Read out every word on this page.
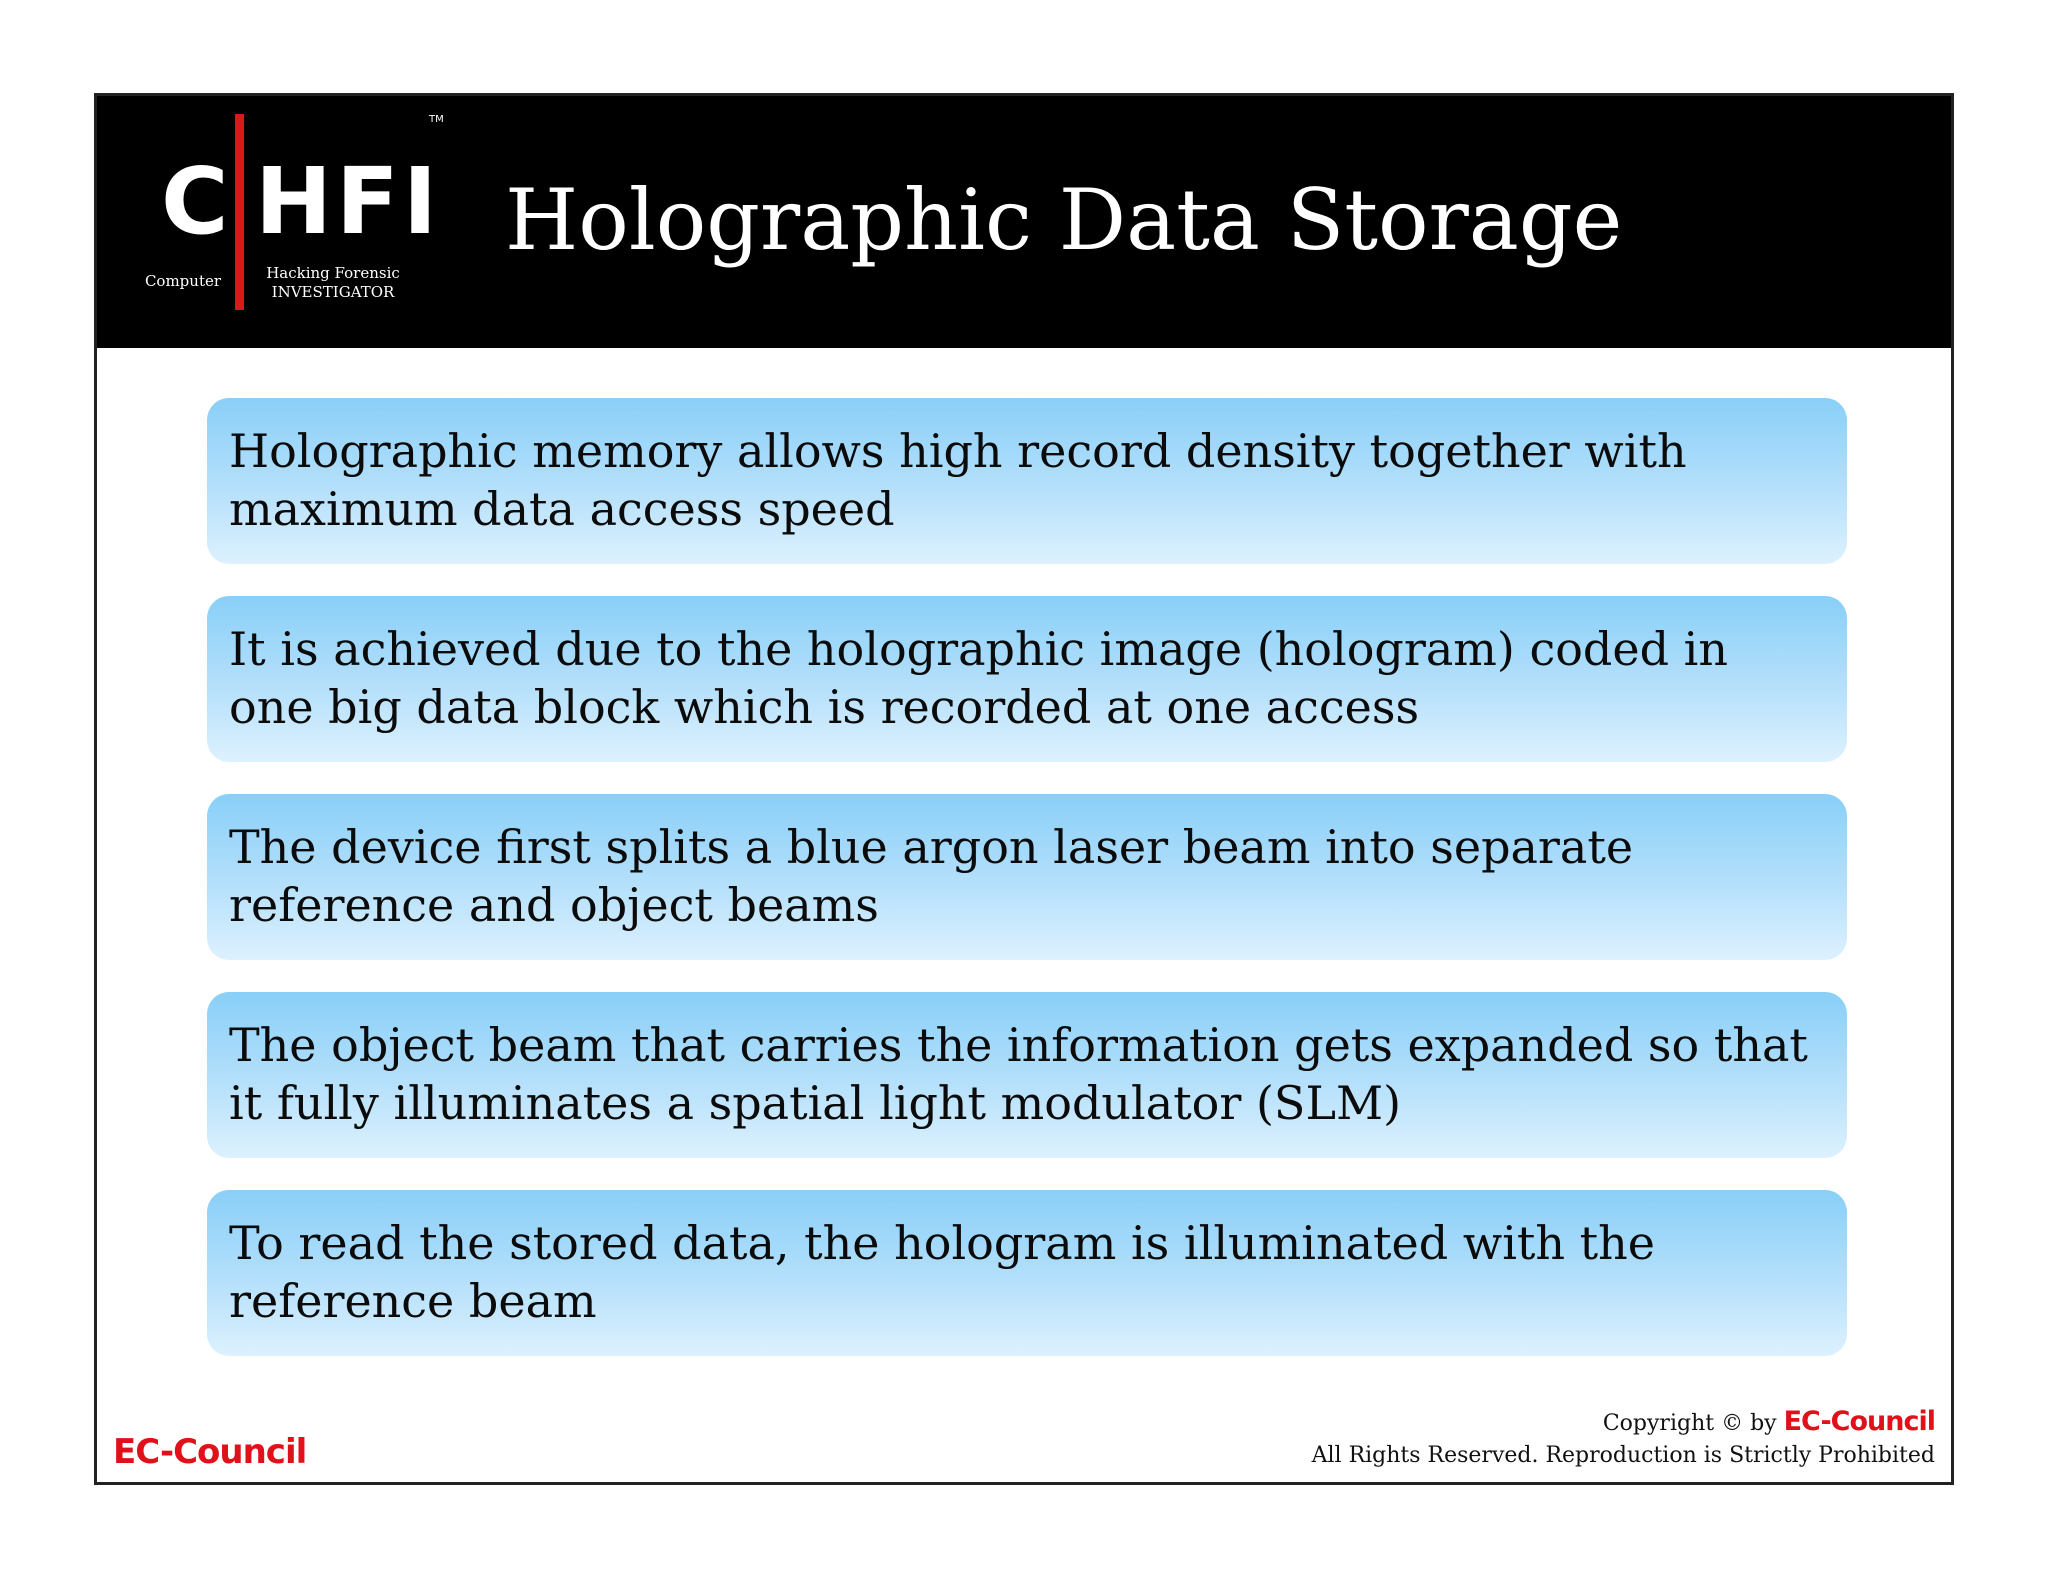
C HFI
TM
Computer	Hacking Forensic
INVESTIGATOR
Holographic Data Storage
Holographic memory allows high record density together with maximum data access speed
It is achieved due to the holographic image (hologram) coded in one big data block which is recorded at one access
The device first splits a blue argon laser beam into separate reference and object beams
The object beam that carries the information gets expanded so that it fully illuminates a spatial light modulator (SLM)
To read the stored data, the hologram is illuminated with the reference beam
EC-Council
Copyright © by EC-Council
All Rights Reserved. Reproduction is Strictly Prohibited
